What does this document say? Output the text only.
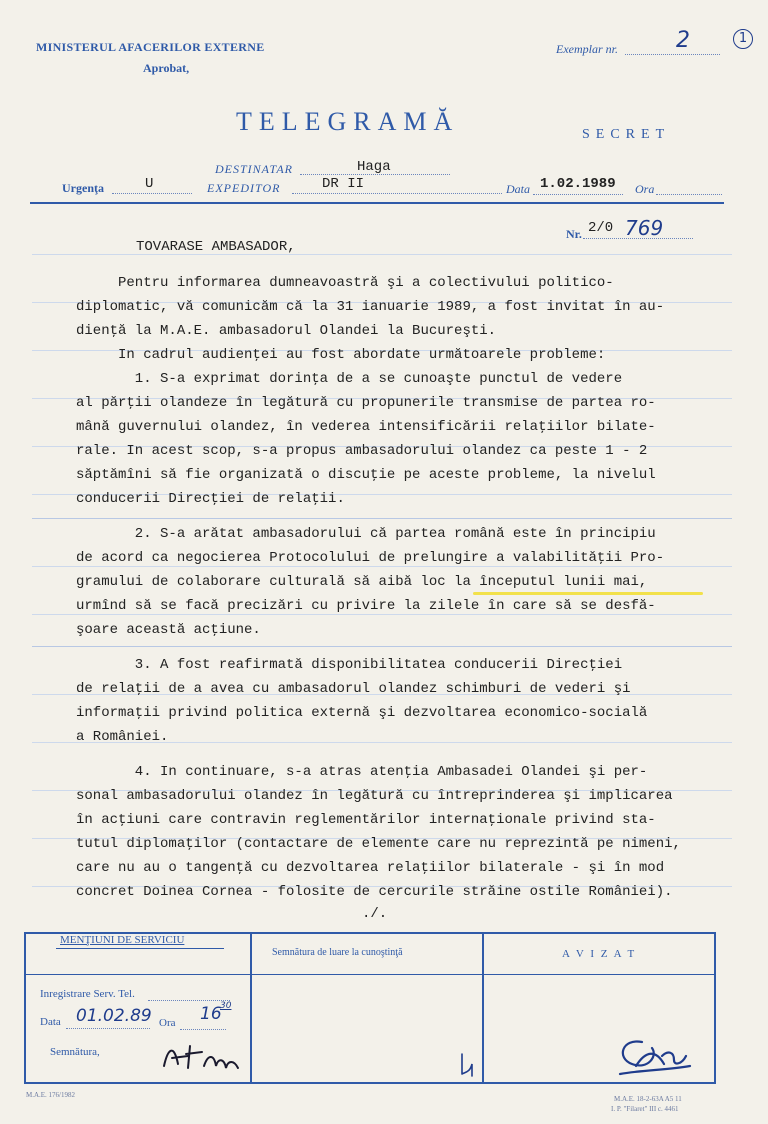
MINISTERUL AFACERILOR EXTERNE
Aprobat,
Exemplar nr.	2	1
TELEGRAMĂ	SECRET
Urgenţa	U
DESTINATAR	Haga
EXPEDITOR	DR II	Data 1.02.1989 Ora
Nr. 2/0 769
TOVARASE AMBASADOR,
Pentru informarea dumneavoastră şi a colectivului politico-
diplomatic, vă comunicăm că la 31 ianuarie 1989, a fost invitat în au-
dienţă la M.A.E. ambasadorul Olandei la Bucureşti.
In cadrul audienţei au fost abordate următoarele probleme:
1. S-a exprimat dorinţa de a se cunoaşte punctul de vedere
al părţii olandeze în legătură cu propunerile transmise de partea ro-
mână guvernului olandez, în vederea intensificării relaţiilor bilate-
rale. In acest scop, s-a propus ambasadorului olandez ca peste 1 - 2
săptămîni să fie organizată o discuţie pe aceste probleme, la nivelul
conducerii Direcţiei de relaţii.
2. S-a arătat ambasadorului că partea română este în principiu
de acord ca negocierea Protocolului de prelungire a valabilităţii Pro-
gramului de colaborare culturală să aibă loc la începutul lunii mai,
urmînd să se facă precizări cu privire la zilele în care să se desfă-
şoare această acţiune.
3. A fost reafirmată disponibilitatea conducerii Direcţiei
de relaţii de a avea cu ambasadorul olandez schimburi de vederi şi
informaţii privind politica externă şi dezvoltarea economico-socială
a României.
4. In continuare, s-a atras atenţia Ambasadei Olandei şi per-
sonal ambasadorului olandez în legătură cu întreprinderea şi implicarea
în acţiuni care contravin reglementărilor internaţionale privind sta-
tutul diplomaţilor (contactare de elemente care nu reprezintă pe nimeni,
care nu au o tangenţă cu dezvoltarea relaţiilor bilaterale - şi în mod
concret Doinea Cornea - folosite de cercurile străine ostile României).
./.
MENŢIUNI DE SERVICIU
Semnătura de luare la cunoştinţă	A V I Z A T
Inregistrare Serv. Tel.
Data 01.02.89 Ora 16
30
Semnătura,
M.A.E. 176/1982	M.A.E. 18-2-63A A5 11
I. P. "Filaret" III c. 4461
